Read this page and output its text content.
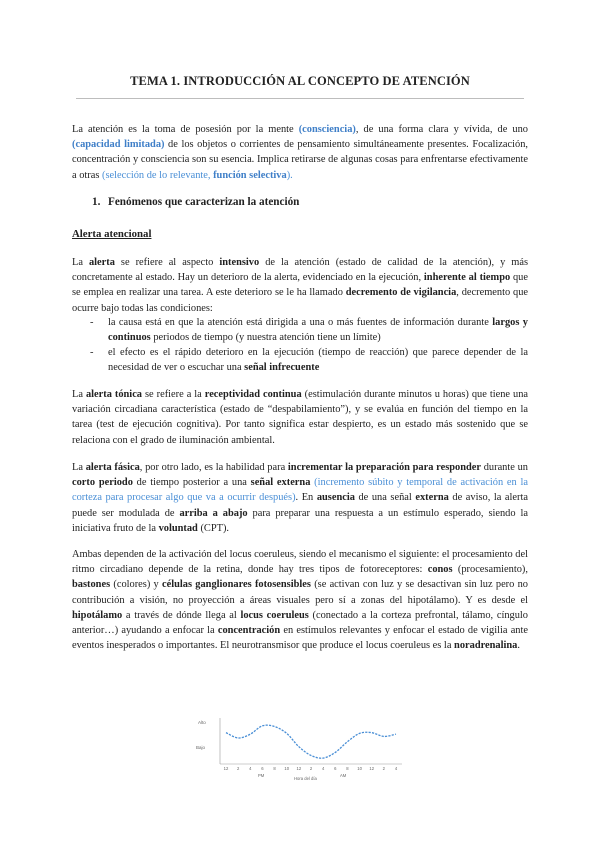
TEMA 1. INTRODUCCIÓN AL CONCEPTO DE ATENCIÓN

La atención es la toma de posesión por la mente (consciencia), de una forma clara y vívida, de uno (capacidad limitada) de los objetos o corrientes de pensamiento simultáneamente presentes. Focalización, concentración y consciencia son su esencia. Implica retirarse de algunas cosas para enfrentarse efectivamente a otras (selección de lo relevante, función selectiva).

1. Fenómenos que caracterizan la atención
Alerta atencional

La alerta se refiere al aspecto intensivo de la atención (estado de calidad de la atención), y más concretamente al estado. Hay un deterioro de la alerta, evidenciado en la ejecución, inherente al tiempo que se emplea en realizar una tarea. A este deterioro se le ha llamado decremento de vigilancia, decremento que ocurre bajo todas las condiciones:

- la causa está en que la atención está dirigida a una o más fuentes de información durante largos y continuos periodos de tiempo (y nuestra atención tiene un límite)
- el efecto es el rápido deterioro en la ejecución (tiempo de reacción) que parece depender de la necesidad de ver o escuchar una señal infrecuente

La alerta tónica se refiere a la receptividad continua (estimulación durante minutos u horas) que tiene una variación circadiana característica (estado de “despabilamiento”), y se evalúa en función del tiempo en la tarea (test de ejecución cognitiva). Por tanto significa estar despierto, es un estado más sostenido que se relaciona con el grado de iluminación ambiental.

La alerta fásica, por otro lado, es la habilidad para incrementar la preparación para responder durante un corto periodo de tiempo posterior a una señal externa (incremento súbito y temporal de activación en la corteza para procesar algo que va a ocurrir después). En ausencia de una señal externa de aviso, la alerta puede ser modulada de arriba a abajo para preparar una respuesta a un estímulo esperado, siendo la iniciativa fruto de la voluntad (CPT).

Ambas dependen de la activación del locus coeruleus, siendo el mecanismo el siguiente: el procesamiento del ritmo circadiano depende de la retina, donde hay tres tipos de fotoreceptores: conos (procesamiento), bastones (colores) y células ganglionares fotosensibles (se activan con luz y se desactivan sin luz pero no contribución a visión, no proyección a áreas visuales pero sí a zonas del hipotálamo). Y es desde el hipotálamo a través de dónde llega al locus coeruleus (conectado a la corteza prefrontal, tálamo, cíngulo anterior…) ayudando a enfocar la concentración en estímulos relevantes y enfocar el estado de vigilia ante eventos inesperados o importantes. El neurotransmisor que produce el locus coeruleus es la noradrenalina.

Alto
Bajo
PM	AM
Hora del día
12 2 4 6 8 10 12 2 4 6 8 10 12 2 4
